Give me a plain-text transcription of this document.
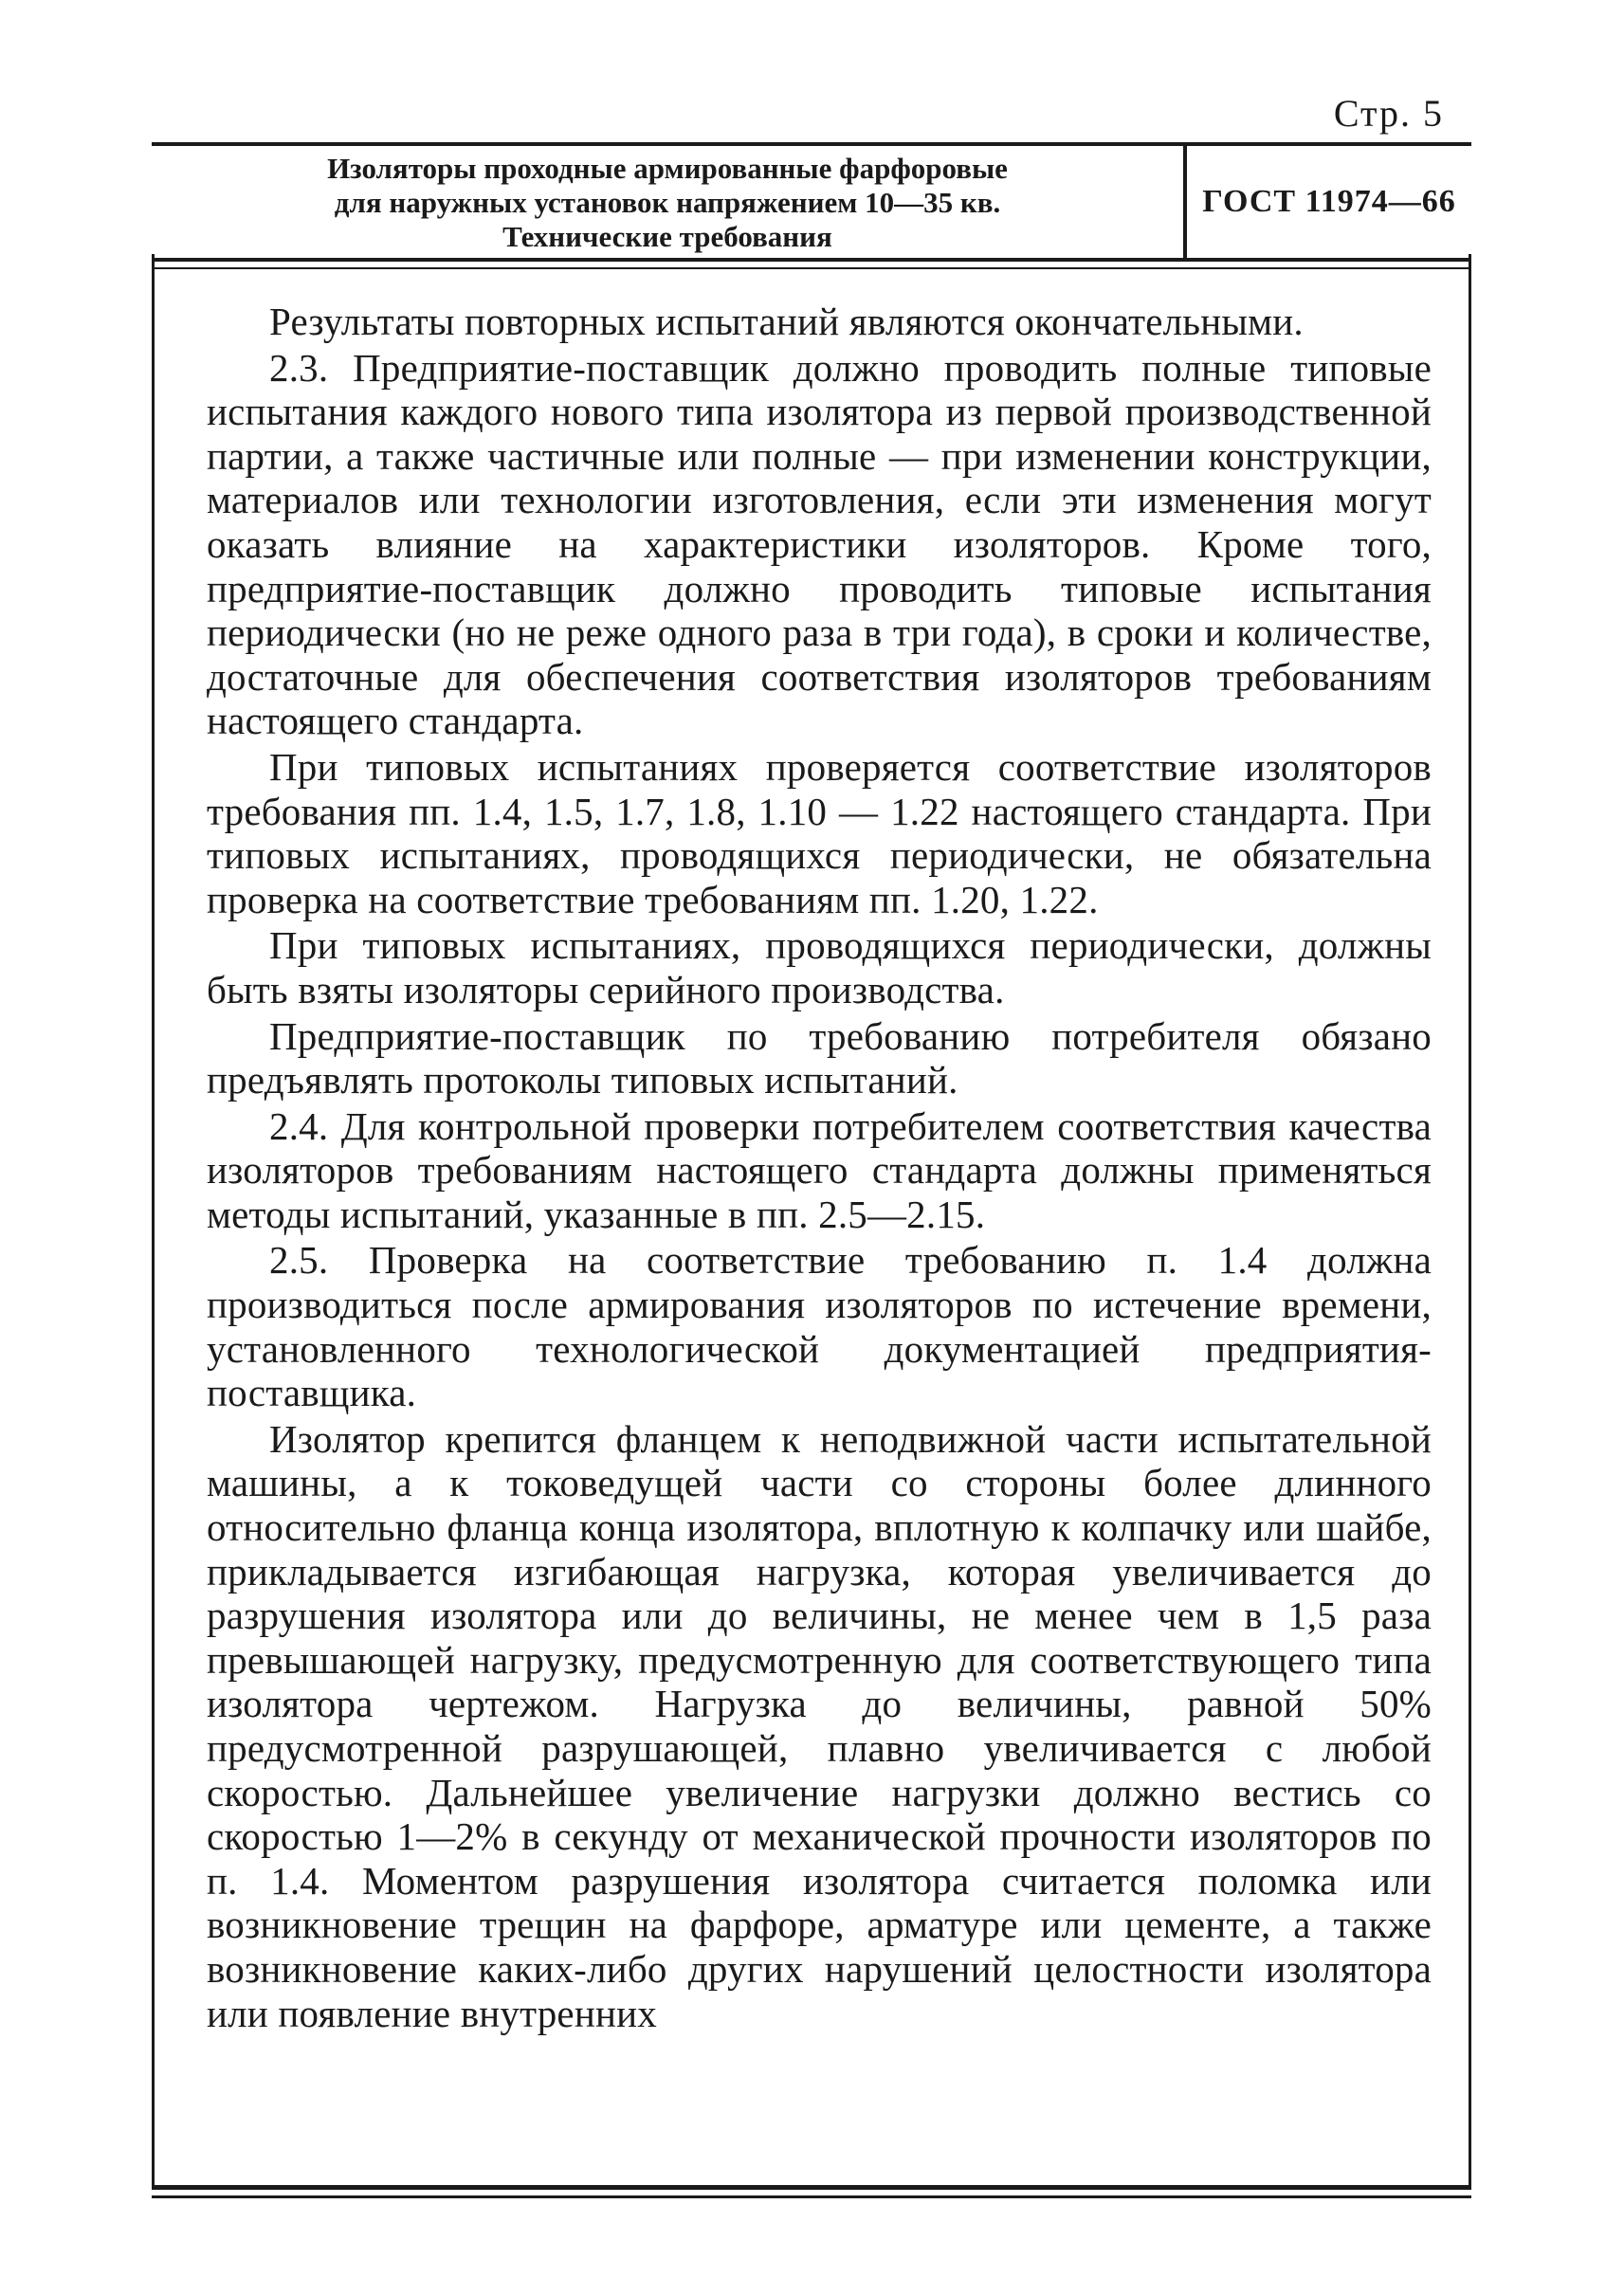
Стр. 5
Изоляторы проходные армированные фарфоровые
для наружных установок напряжением 10—35 кв.
Технические требования
ГОСТ 11974—66

Результаты повторных испытаний являются окончательными.

2.3. Предприятие-поставщик должно проводить полные типовые испытания каждого нового типа изолятора из первой производственной партии, а также частичные или полные — при изменении конструкции, материалов или технологии изготовления, если эти изменения могут оказать влияние на характеристики изоляторов. Кроме того, предприятие-поставщик должно проводить типовые испытания периодически (но не реже одного раза в три года), в сроки и количестве, достаточные для обеспечения соответствия изоляторов требованиям настоящего стандарта.

При типовых испытаниях проверяется соответствие изоляторов требования пп. 1.4, 1.5, 1.7, 1.8, 1.10 — 1.22 настоящего стандарта. При типовых испытаниях, проводящихся периодически, не обязательна проверка на соответствие требованиям пп. 1.20, 1.22.

При типовых испытаниях, проводящихся периодически, должны быть взяты изоляторы серийного производства.

Предприятие-поставщик по требованию потребителя обязано предъявлять протоколы типовых испытаний.

2.4. Для контрольной проверки потребителем соответствия качества изоляторов требованиям настоящего стандарта должны применяться методы испытаний, указанные в пп. 2.5—2.15.

2.5. Проверка на соответствие требованию п. 1.4 должна производиться после армирования изоляторов по истечение времени, установленного технологической документацией предприятия-поставщика.

Изолятор крепится фланцем к неподвижной части испытательной машины, а к токоведущей части со стороны более длинного относительно фланца конца изолятора, вплотную к колпачку или шайбе, прикладывается изгибающая нагрузка, которая увеличивается до разрушения изолятора или до величины, не менее чем в 1,5 раза превышающей нагрузку, предусмотренную для соответствующего типа изолятора чертежом. Нагрузка до величины, равной 50% предусмотренной разрушающей, плавно увеличивается с любой скоростью. Дальнейшее увеличение нагрузки должно вестись со скоростью 1—2% в секунду от механической прочности изоляторов по п. 1.4. Моментом разрушения изолятора считается поломка или возникновение трещин на фарфоре, арматуре или цементе, а также возникновение каких-либо других нарушений целостности изолятора или появление внутренних
